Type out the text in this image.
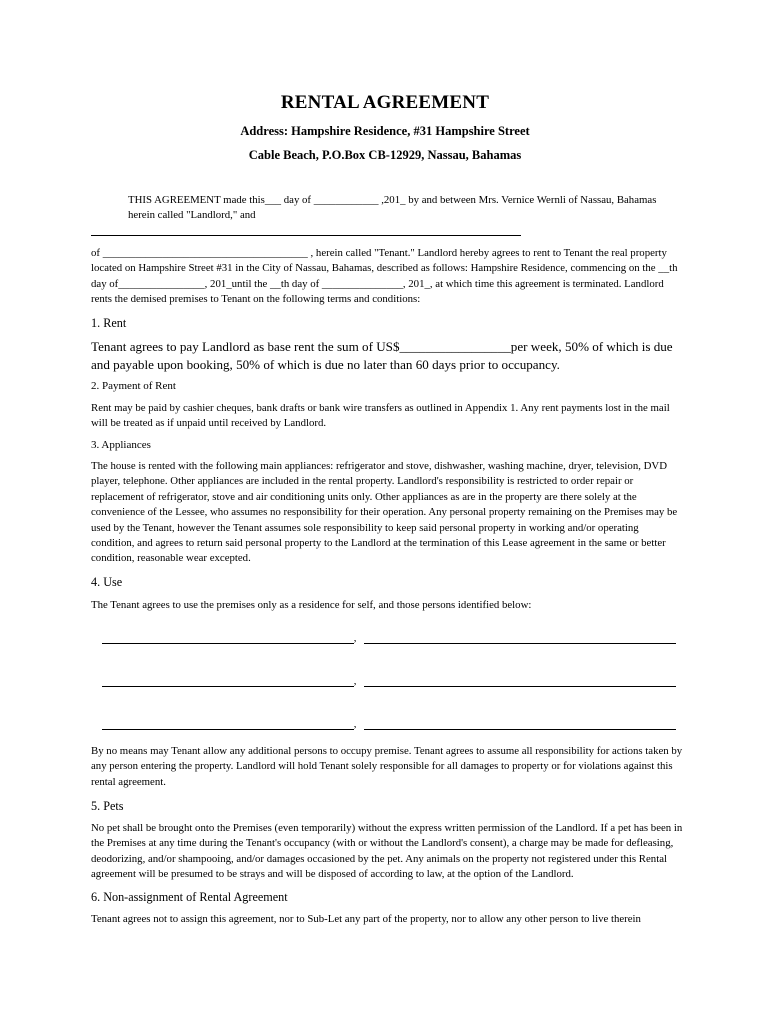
RENTAL AGREEMENT
Address: Hampshire Residence, #31 Hampshire Street
Cable Beach, P.O.Box CB-12929, Nassau, Bahamas
THIS AGREEMENT made this___ day of ____________ ,201_ by and between Mrs. Vernice Wernli of Nassau, Bahamas herein called "Landlord," and
of ______________________________________ , herein called "Tenant." Landlord hereby agrees to rent to Tenant the real property located on Hampshire Street #31 in the City of Nassau, Bahamas, described as follows: Hampshire Residence, commencing on the __th day of________________, 201_until the __th day of _______________, 201_, at which time this agreement is terminated. Landlord rents the demised premises to Tenant on the following terms and conditions:
1. Rent
Tenant agrees to pay Landlord as base rent the sum of US$_________________per week, 50% of which is due and payable upon booking, 50% of which is due no later than 60 days prior to occupancy.
2. Payment of Rent
Rent may be paid by cashier cheques, bank drafts or bank wire transfers as outlined in Appendix 1. Any rent payments lost in the mail will be treated as if unpaid until received by Landlord.
3. Appliances
The house is rented with the following main appliances: refrigerator and stove, dishwasher, washing machine, dryer, television, DVD player, telephone. Other appliances are included in the rental property. Landlord's responsibility is restricted to order repair or replacement of refrigerator, stove and air conditioning units only. Other appliances as are in the property are there solely at the convenience of the Lessee, who assumes no responsibility for their operation. Any personal property remaining on the Premises may be used by the Tenant, however the Tenant assumes sole responsibility to keep said personal property in working and/or operating condition, and agrees to return said personal property to the Landlord at the termination of this Lease agreement in the same or better condition, reasonable wear excepted.
4. Use
The Tenant agrees to use the premises only as a residence for self, and those persons identified below:

,

,

,

By no means may Tenant allow any additional persons to occupy premise. Tenant agrees to assume all responsibility for actions taken by any person entering the property. Landlord will hold Tenant solely responsible for all damages to property or for violations against this rental agreement.
5. Pets
No pet shall be brought onto the Premises (even temporarily) without the express written permission of the Landlord. If a pet has been in the Premises at any time during the Tenant's occupancy (with or without the Landlord's consent), a charge may be made for defleasing, deodorizing, and/or shampooing, and/or damages occasioned by the pet. Any animals on the property not registered under this Rental agreement will be presumed to be strays and will be disposed of according to law, at the option of the Landlord.
6. Non-assignment of Rental Agreement
Tenant agrees not to assign this agreement, nor to Sub-Let any part of the property, nor to allow any other person to live therein
